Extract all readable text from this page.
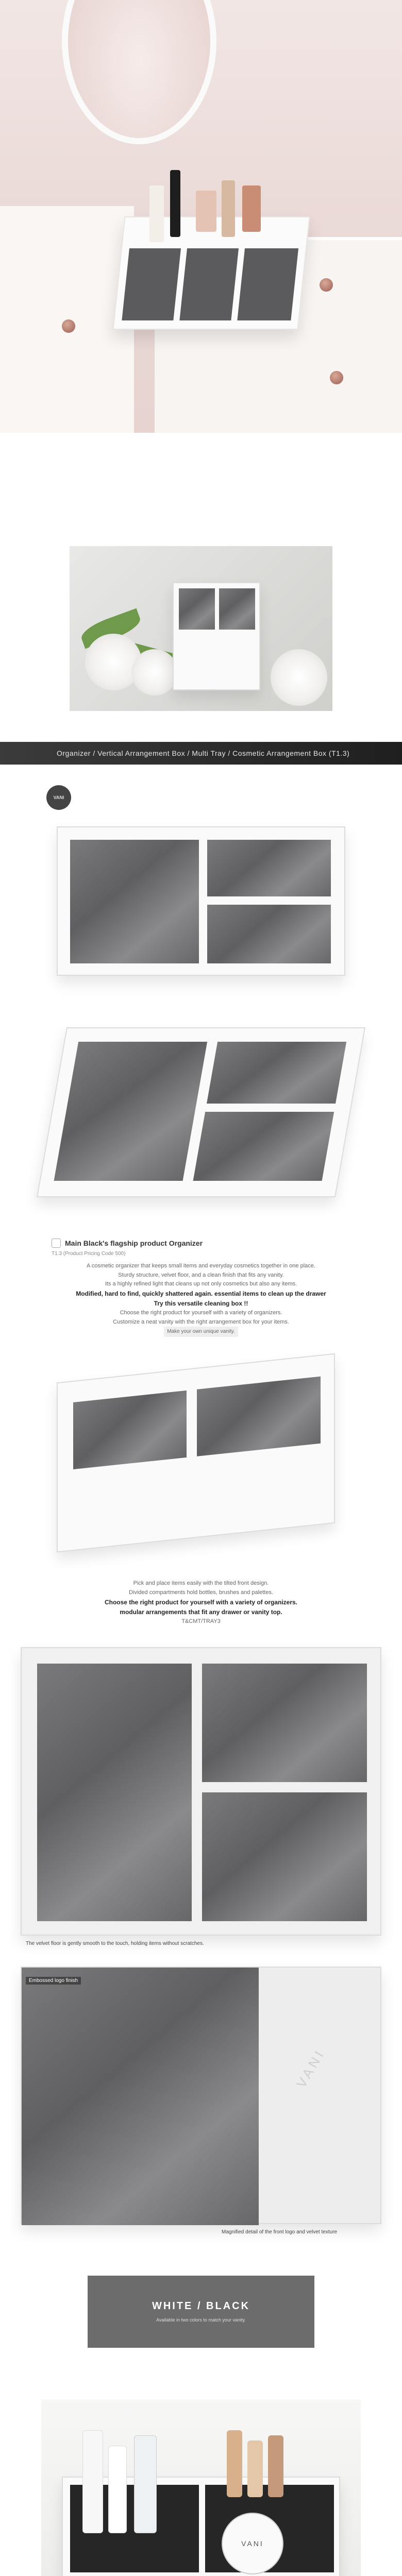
Organizer / Vertical Arrangement Box / Multi Tray / Cosmetic Arrangement Box (T1.3)
VANI
Main Black's flagship product Organizer
T1.3 (Product Pricing Code 500)

A cosmetic organizer that keeps small items and everyday cosmetics together in one place.

Sturdy structure, velvet floor, and a clean finish that fits any vanity.

Its a highly refined light that cleans up not only cosmetics but also any items.

Modified, hard to find, quickly shattered again. essential items to clean up the drawer

Try this versatile cleaning box !!

Choose the right product for yourself with a variety of organizers.

Customize a neat vanity with the right arrangement box for your items.

Make your own unique vanity.

Pick and place items easily with the tilted front design.

Divided compartments hold bottles, brushes and palettes.

Choose the right product for yourself with a variety of organizers.

modular arrangements that fit any drawer or vanity top.

T&CMT/TRAY3

The velvet floor is gently smooth to the touch, holding items without scratches.
VANI
Embossed logo finish
Magnified detail of the front logo and velvet texture
WHITE / BLACK
Available in two colors to match your vanity.
VANI
